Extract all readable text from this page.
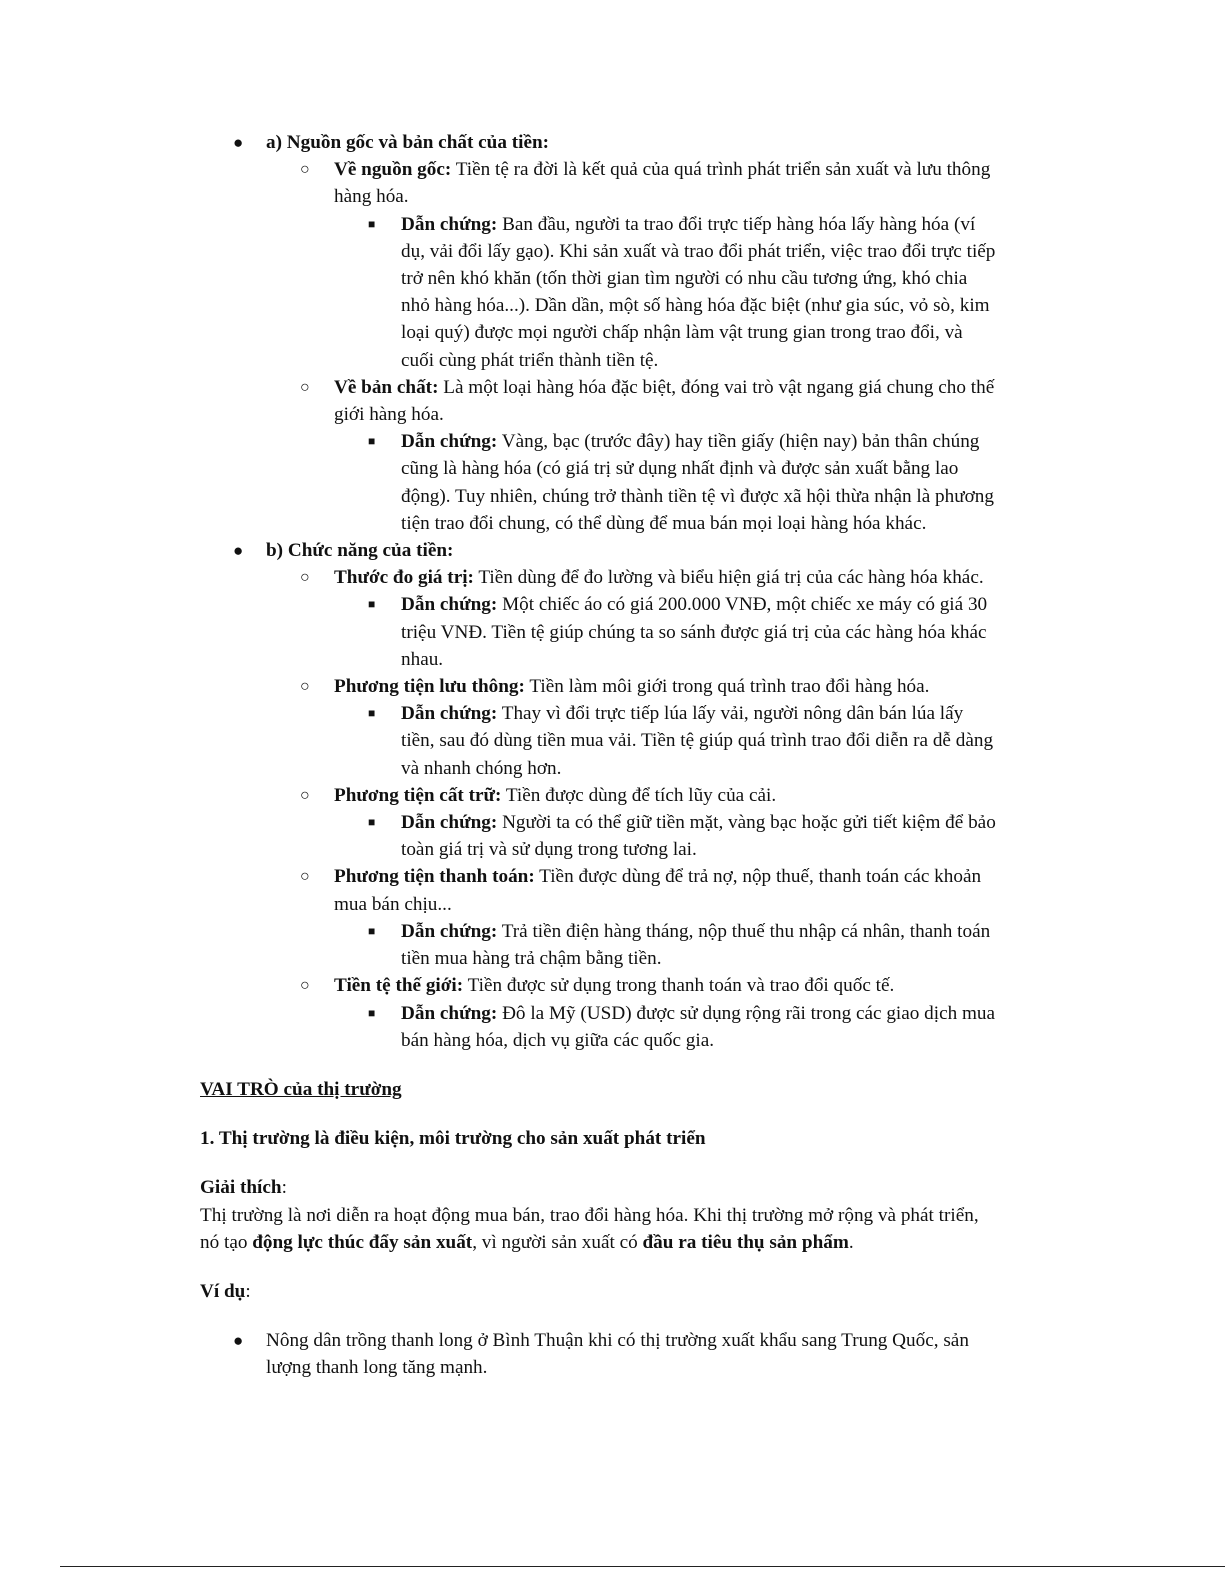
● a) Nguồn gốc và bản chất của tiền:
○ Về nguồn gốc: Tiền tệ ra đời là kết quả của quá trình phát triển sản xuất và lưu thông
hàng hóa.
■ Dẫn chứng: Ban đầu, người ta trao đổi trực tiếp hàng hóa lấy hàng hóa (ví
dụ, vải đổi lấy gạo). Khi sản xuất và trao đổi phát triển, việc trao đổi trực tiếp
trở nên khó khăn (tốn thời gian tìm người có nhu cầu tương ứng, khó chia
nhỏ hàng hóa...). Dần dần, một số hàng hóa đặc biệt (như gia súc, vỏ sò, kim
loại quý) được mọi người chấp nhận làm vật trung gian trong trao đổi, và
cuối cùng phát triển thành tiền tệ.
○ Về bản chất: Là một loại hàng hóa đặc biệt, đóng vai trò vật ngang giá chung cho thế
giới hàng hóa.
■ Dẫn chứng: Vàng, bạc (trước đây) hay tiền giấy (hiện nay) bản thân chúng
cũng là hàng hóa (có giá trị sử dụng nhất định và được sản xuất bằng lao
động). Tuy nhiên, chúng trở thành tiền tệ vì được xã hội thừa nhận là phương
tiện trao đổi chung, có thể dùng để mua bán mọi loại hàng hóa khác.
● b) Chức năng của tiền:
○ Thước đo giá trị: Tiền dùng để đo lường và biểu hiện giá trị của các hàng hóa khác.
■ Dẫn chứng: Một chiếc áo có giá 200.000 VNĐ, một chiếc xe máy có giá 30
triệu VNĐ. Tiền tệ giúp chúng ta so sánh được giá trị của các hàng hóa khác
nhau.
○ Phương tiện lưu thông: Tiền làm môi giới trong quá trình trao đổi hàng hóa.
■ Dẫn chứng: Thay vì đổi trực tiếp lúa lấy vải, người nông dân bán lúa lấy
tiền, sau đó dùng tiền mua vải. Tiền tệ giúp quá trình trao đổi diễn ra dễ dàng
và nhanh chóng hơn.
○ Phương tiện cất trữ: Tiền được dùng để tích lũy của cải.
■ Dẫn chứng: Người ta có thể giữ tiền mặt, vàng bạc hoặc gửi tiết kiệm để bảo
toàn giá trị và sử dụng trong tương lai.
○ Phương tiện thanh toán: Tiền được dùng để trả nợ, nộp thuế, thanh toán các khoản
mua bán chịu...
■ Dẫn chứng: Trả tiền điện hàng tháng, nộp thuế thu nhập cá nhân, thanh toán
tiền mua hàng trả chậm bằng tiền.
○ Tiền tệ thế giới: Tiền được sử dụng trong thanh toán và trao đổi quốc tế.
■ Dẫn chứng: Đô la Mỹ (USD) được sử dụng rộng rãi trong các giao dịch mua
bán hàng hóa, dịch vụ giữa các quốc gia.
VAI TRÒ của thị trường
1. Thị trường là điều kiện, môi trường cho sản xuất phát triển
Giải thích:
Thị trường là nơi diễn ra hoạt động mua bán, trao đổi hàng hóa. Khi thị trường mở rộng và phát triển,
nó tạo động lực thúc đẩy sản xuất, vì người sản xuất có đầu ra tiêu thụ sản phẩm.
Ví dụ:
● Nông dân trồng thanh long ở Bình Thuận khi có thị trường xuất khẩu sang Trung Quốc, sản
lượng thanh long tăng mạnh.
